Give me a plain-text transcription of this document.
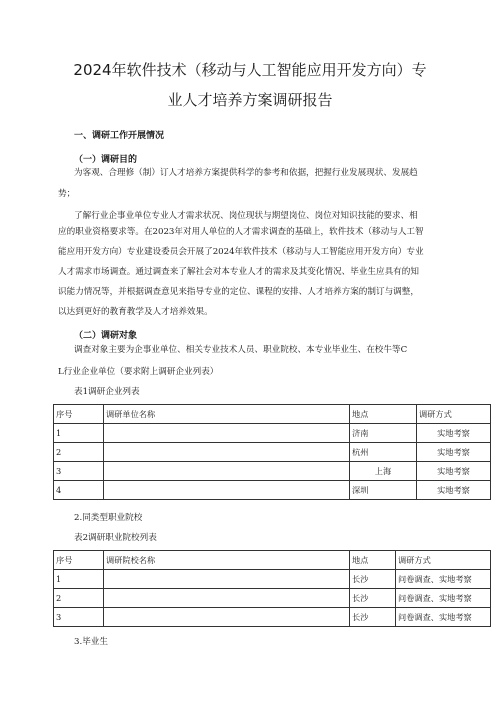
2024年软件技术（移动与人工智能应用开发方向）专
业人才培养方案调研报告
一、调研工作开展情况
（一）调研目的
为客观、合理修（制）订人才培养方案提供科学的参考和依据，把握行业发展现状、发展趋
势；
了解行业企事业单位专业人才需求状况、岗位现状与期望岗位、岗位对知识技能的要求、相
应的职业资格要求等。在2023年对用人单位的人才需求调查的基础上，软件技术（移动与人工智
能应用开发方向）专业建设委员会开展了2024年软件技术（移动与人工智能应用开发方向）专业
人才需求市场调查。通过调查来了解社会对本专业人才的需求及其变化情况、毕业生应具有的知
识能力情况等，并根据调查意见来指导专业的定位、课程的安排、人才培养方案的制订与调整，
以达到更好的教育教学及人才培养效果。
（二）调研对象
调查对象主要为企事业单位、相关专业技术人员、职业院校、本专业毕业生、在校牛等C
L行业企业单位（要求附上调研企业列表）
表1调研企业列表
序号	调研单位名称	地点	调研方式
1		济南	实地考察
2		杭州	实地考察
3		上海	实地考察
4		深圳	实地考察
2.同类型职业院校
表2调研职业院校列表
序号	调研院校名称	地点	调研方式
1		长沙	问卷调查、实地考察
2		长沙	问卷调查、实地考察
3		长沙	问卷调查、实地考察
3.毕业生
